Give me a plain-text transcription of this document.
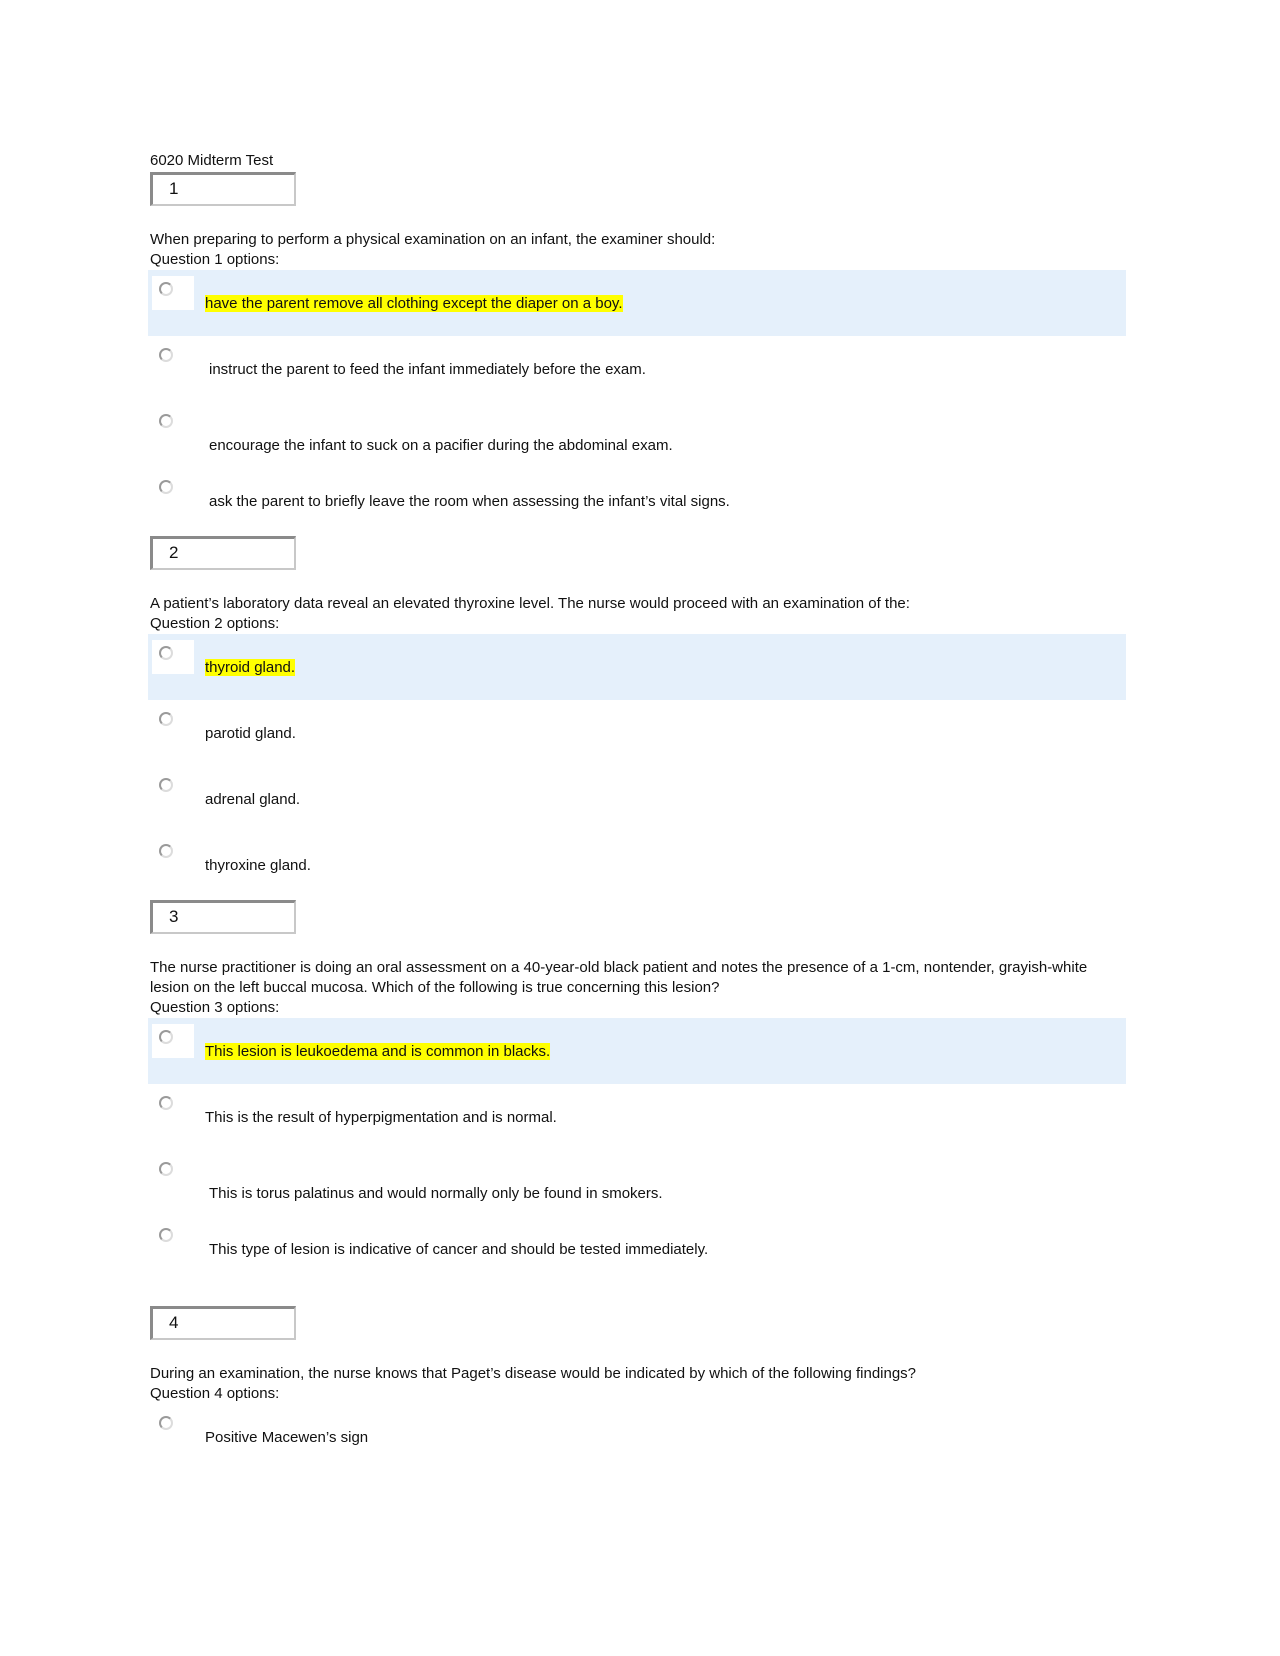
6020 Midterm Test
1
When preparing to perform a physical examination on an infant, the examiner should:
Question 1 options:
have the parent remove all clothing except the diaper on a boy.
instruct the parent to feed the infant immediately before the exam.
encourage the infant to suck on a pacifier during the abdominal exam.
ask the parent to briefly leave the room when assessing the infant’s vital signs.
2
A patient’s laboratory data reveal an elevated thyroxine level. The nurse would proceed with an examination of the:
Question 2 options:
thyroid gland.
parotid gland.
adrenal gland.
thyroxine gland.
3
The nurse practitioner is doing an oral assessment on a 40-year-old black patient and notes the presence of a 1-cm, nontender, grayish-white lesion on the left buccal mucosa. Which of the following is true concerning this lesion?
Question 3 options:
This lesion is leukoedema and is common in blacks.
This is the result of hyperpigmentation and is normal.
This is torus palatinus and would normally only be found in smokers.
This type of lesion is indicative of cancer and should be tested immediately.
4
During an examination, the nurse knows that Paget’s disease would be indicated by which of the following findings?
Question 4 options:
Positive Macewen’s sign
